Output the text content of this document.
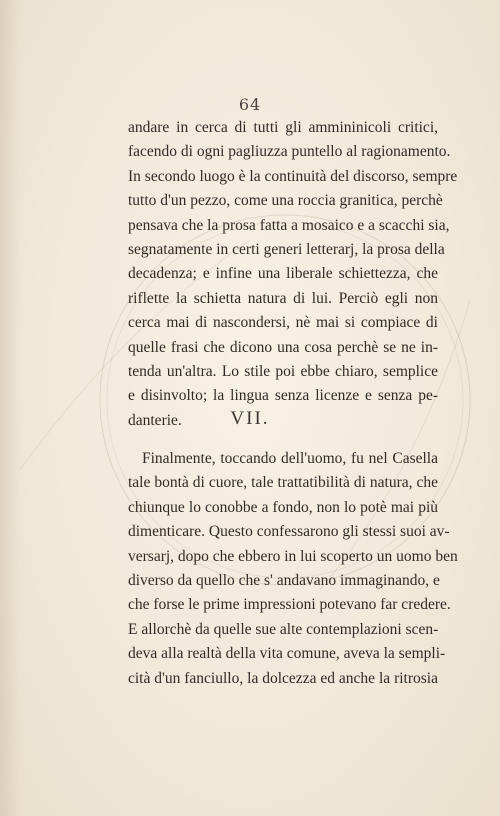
64
andare in cerca di tutti gli ammininicoli critici,
facendo di ogni pagliuzza puntello al ragionamento.
In secondo luogo è la continuità del discorso, sempre
tutto d'un pezzo, come una roccia granitica, perchè
pensava che la prosa fatta a mosaico e a scacchi sia,
segnatamente in certi generi letterarj, la prosa della
decadenza; e infine una liberale schiettezza, che
riflette la schietta natura di lui. Perciò egli non
cerca mai di nascondersi, nè mai si compiace di
quelle frasi che dicono una cosa perchè se ne in-
tenda un'altra. Lo stile poi ebbe chiaro, semplice
e disinvolto; la lingua senza licenze e senza pe-
danterie.	VII.
Finalmente, toccando dell'uomo, fu nel Casella
tale bontà di cuore, tale trattatibilità di natura, che
chiunque lo conobbe a fondo, non lo potè mai più
dimenticare. Questo confessarono gli stessi suoi av-
versarj, dopo che ebbero in lui scoperto un uomo ben
diverso da quello che s' andavano immaginando, e
che forse le prime impressioni potevano far credere.
E allorchè da quelle sue alte contemplazioni scen-
deva alla realtà della vita comune, aveva la sempli-
cità d'un fanciullo, la dolcezza ed anche la ritrosia
